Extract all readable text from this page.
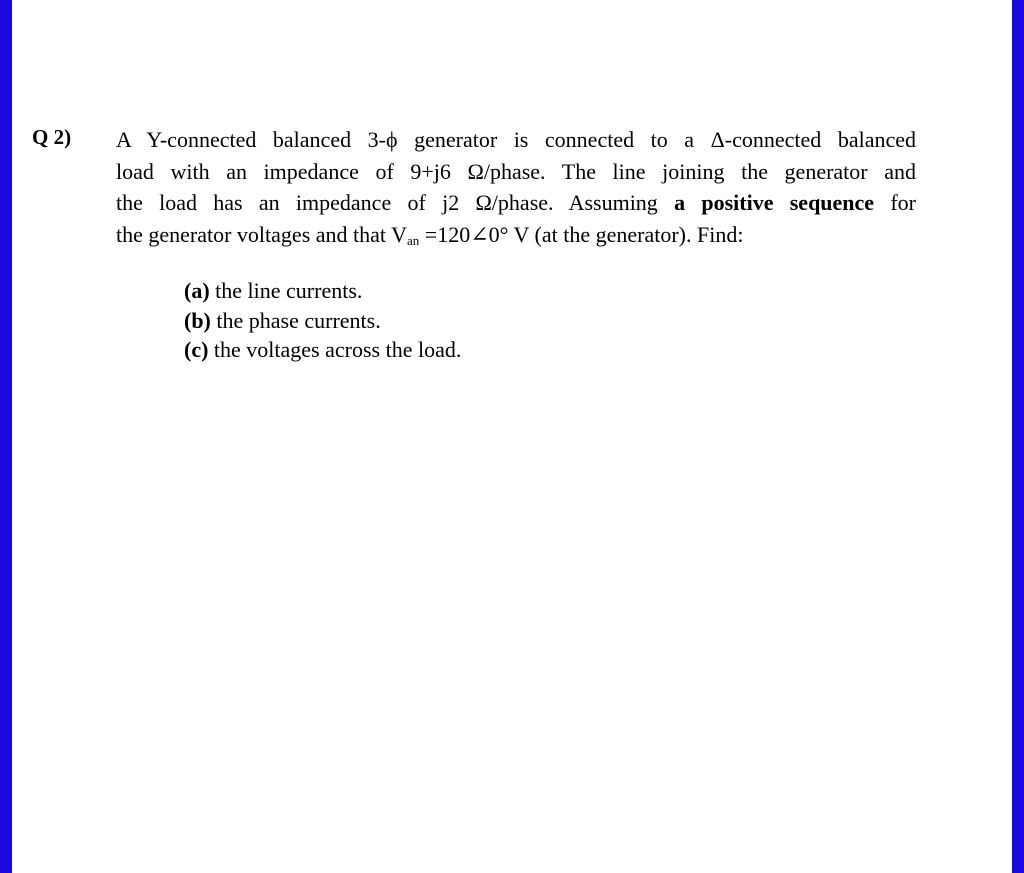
Q 2) A Y-connected balanced 3-ϕ generator is connected to a Δ-connected balanced
load with an impedance of 9+j6 Ω/phase. The line joining the generator and
the load has an impedance of j2 Ω/phase. Assuming a positive sequence for
the generator voltages and that $V_{an}$ =120∠0° V (at the generator). Find:
(a) the line currents.
(b) the phase currents.
(c) the voltages across the load.
